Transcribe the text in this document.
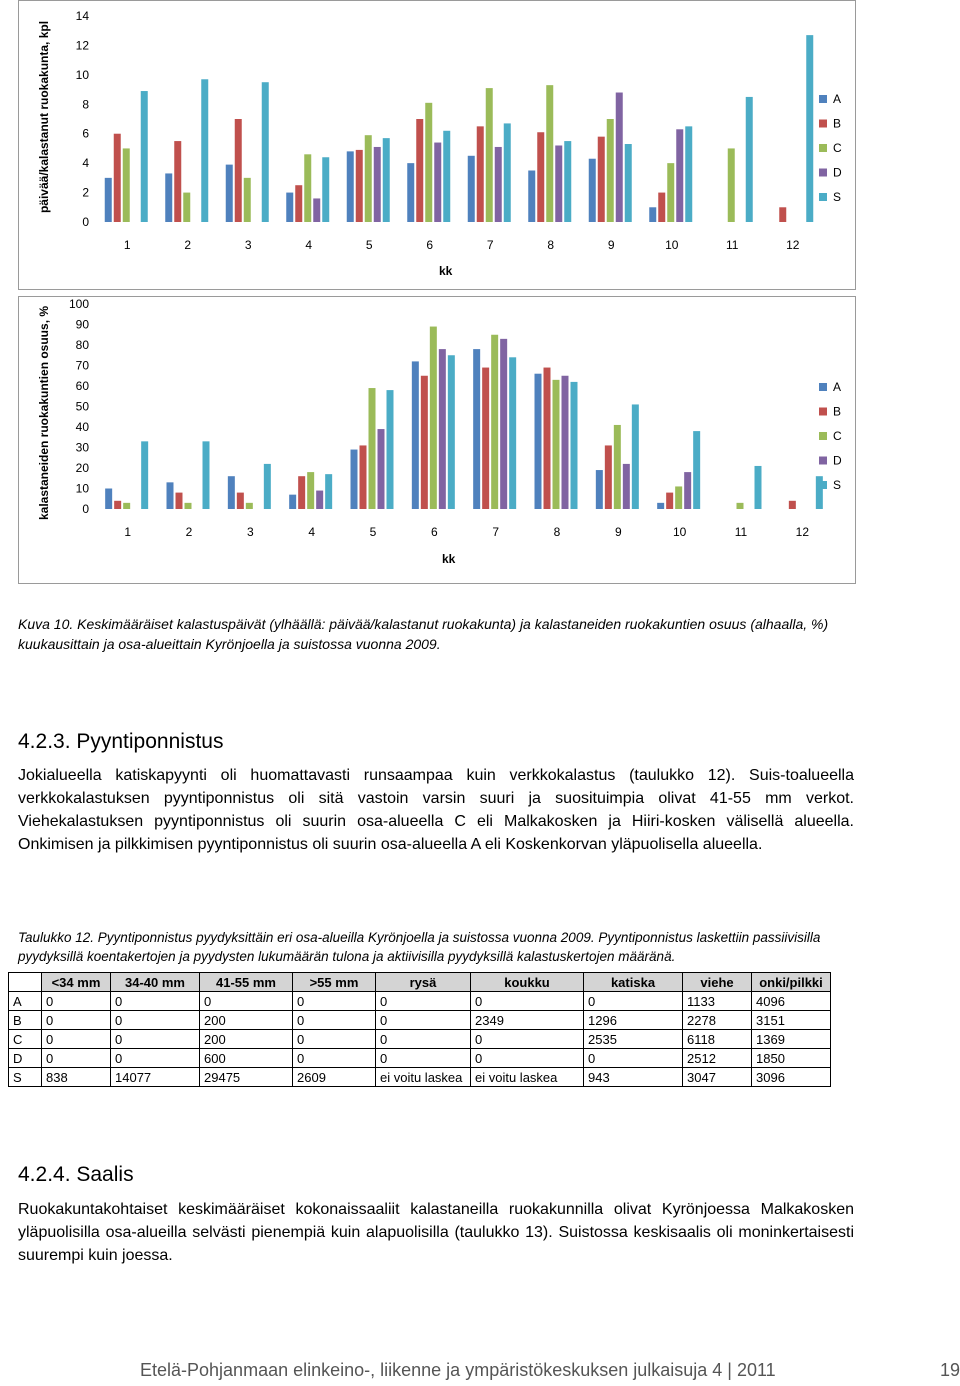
päivää/kalastanut ruokakunta, kpl
0
2
4
6
8
10
12
14
1	2	3	4	5	6	7	8	9	10	11	12
A
B
C
D
S
kk
kalastaneiden ruokakuntien osuus, %	0
10
20
30
40
50
60
70
80
90
100
1	2	3	4	5	6	7	8	9	10	11	12
A
B
C
D
S
kk
Kuva 10. Keskimääräiset kalastuspäivät (ylhäällä: päivää/kalastanut ruokakunta) ja kalastaneiden ruokakuntien osuus (alhaalla, %) kuukausittain ja osa-alueittain Kyrönjoella ja suistossa vuonna 2009.
4.2.3. Pyyntiponnistus

Jokialueella katiskapyynti oli huomattavasti runsaampaa kuin verkkokalastus (taulukko 12). Suis-toalueella verkkokalastuksen pyyntiponnistus oli sitä vastoin varsin suuri ja suosituimpia olivat 41-55 mm verkot. Viehekalastuksen pyyntiponnistus oli suurin osa-alueella C eli Malkakosken ja Hiiri-kosken välisellä alueella. Onkimisen ja pilkkimisen pyyntiponnistus oli suurin osa-alueella A eli Koskenkorvan yläpuolisella alueella.

Taulukko 12. Pyyntiponnistus pyydyksittäin eri osa-alueilla Kyrönjoella ja suistossa vuonna 2009. Pyyntiponnistus laskettiin passiivisilla pyydyksillä koentakertojen ja pyydysten lukumäärän tulona ja aktiivisilla pyydyksillä kalastuskertojen määränä.
	<34 mm	34-40 mm	41-55 mm	>55 mm	rysä	koukku	katiska	viehe	onki/pilkki
A	0	0	0	0	0	0	0	1133	4096
B	0	0	200	0	0	2349	1296	2278	3151
C	0	0	200	0	0	0	2535	6118	1369
D	0	0	600	0	0	0	0	2512	1850
S	838	14077	29475	2609	ei voitu laskea	ei voitu laskea	943	3047	3096
4.2.4. Saalis

Ruokakuntakohtaiset keskimääräiset kokonaissaaliit kalastaneilla ruokakunnilla olivat Kyrönjoessa Malkakosken yläpuolisilla osa-alueilla selvästi pienempiä kuin alapuolisilla (taulukko 13). Suistossa keskisaalis oli moninkertaisesti suurempi kuin joessa.

Etelä-Pohjanmaan elinkeino-, liikenne ja ympäristökeskuksen julkaisuja 4 | 2011	19
